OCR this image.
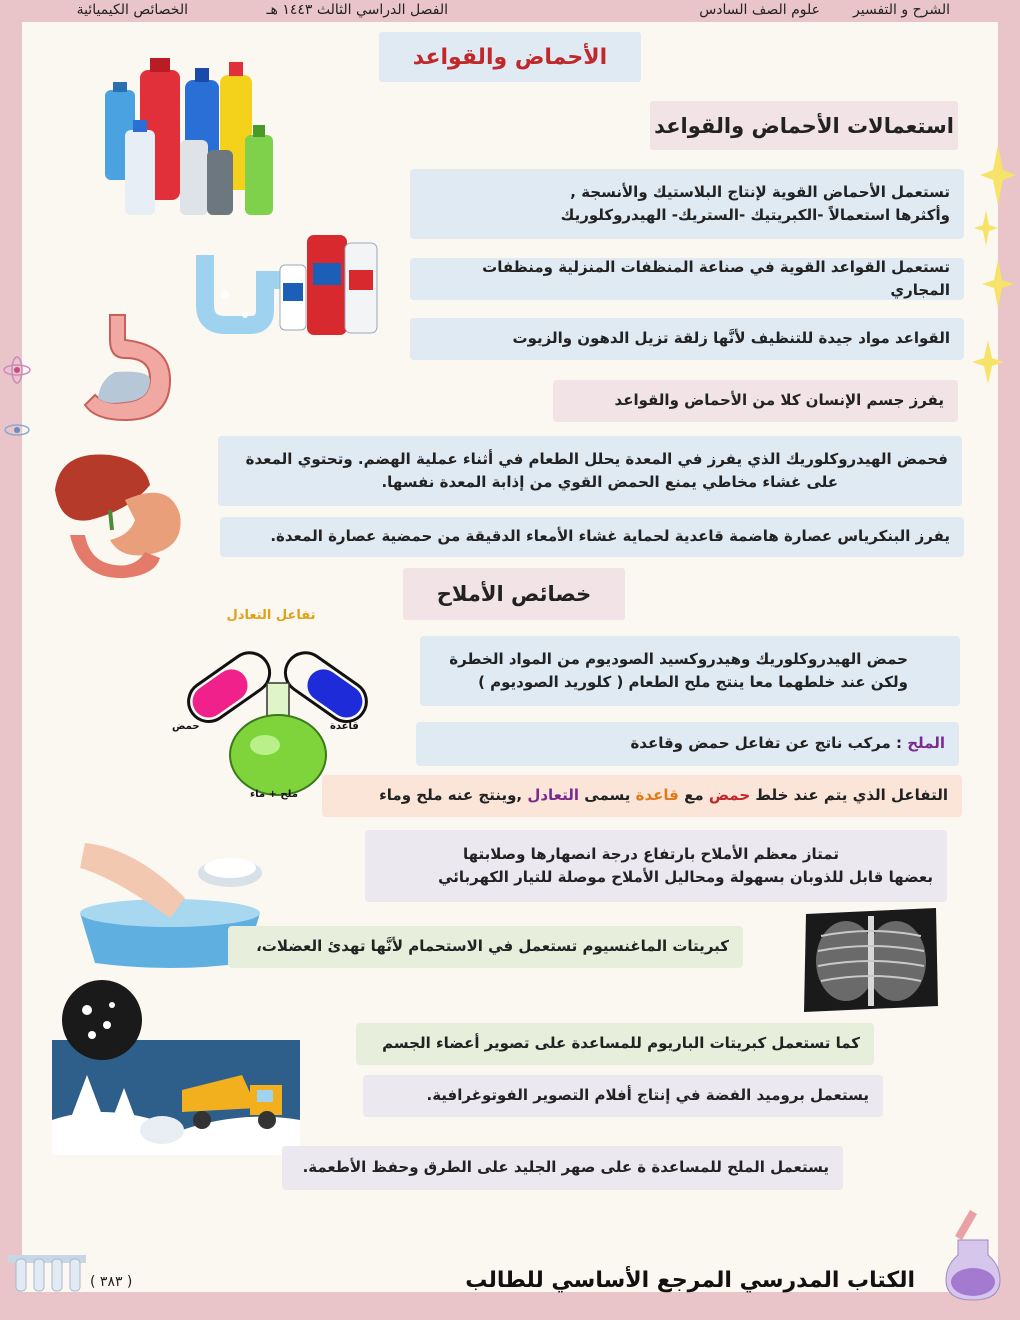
الشرح و التفسير
علوم الصف السادس
الفصل الدراسي الثالث ١٤٤٣ هـ
الخصائص الكيميائية
الأحماض والقواعد
استعمالات الأحماض والقواعد
تستعمل الأحماض القوية لإنتاج البلاستيك والأنسجة ,
وأكثرها استعمالاً -الكبريتيك -الستريك- الهيدروكلوريك
تستعمل القواعد القوية في صناعة المنظفات المنزلية ومنظفات المجاري
القواعد مواد جيدة للتنظيف لأنَّها زلقة تزيل الدهون والزيوت
يفرز جسم الإنسان كلا من الأحماض والقواعد
فحمض الهيدروكلوريك الذي يفرز في المعدة يحلل الطعام في أثناء عملية الهضم. وتحتوي المعدة
على غشاء مخاطي يمنع الحمض القوي من إذابة المعدة نفسها.
يفرز البنكرياس عصارة هاضمة قاعدية لحماية غشاء الأمعاء الدقيقة من حمضية عصارة المعدة.
خصائص الأملاح
تفاعل التعادل
حمض	قاعدة
ملح + ماء
حمض الهيدروكلوريك وهيدروكسيد الصوديوم من المواد الخطرة
ولكن عند خلطهما معا ينتج ملح الطعام ( كلوريد الصوديوم )
الملح : مركب ناتج عن تفاعل حمض وقاعدة
التفاعل الذي يتم عند خلط حمض مع قاعدة يسمى التعادل ,وينتج عنه ملح وماء
تمتاز معظم الأملاح بارتفاع درجة انصهارها وصلابتها
بعضها قابل للذوبان بسهولة ومحاليل الأملاح موصلة للتيار الكهربائي
كبريتات الماغنسيوم تستعمل في الاستحمام لأنَّها تهدئ العضلات،
كما تستعمل كبريتات الباريوم للمساعدة على تصوير أعضاء الجسم
يستعمل بروميد الفضة في إنتاج أفلام التصوير الفوتوغرافية.
يستعمل الملح للمساعدة ة على صهر الجليد على الطرق وحفظ الأطعمة.
الكتاب المدرسي المرجع الأساسي للطالب
( ٣٨٣ )
